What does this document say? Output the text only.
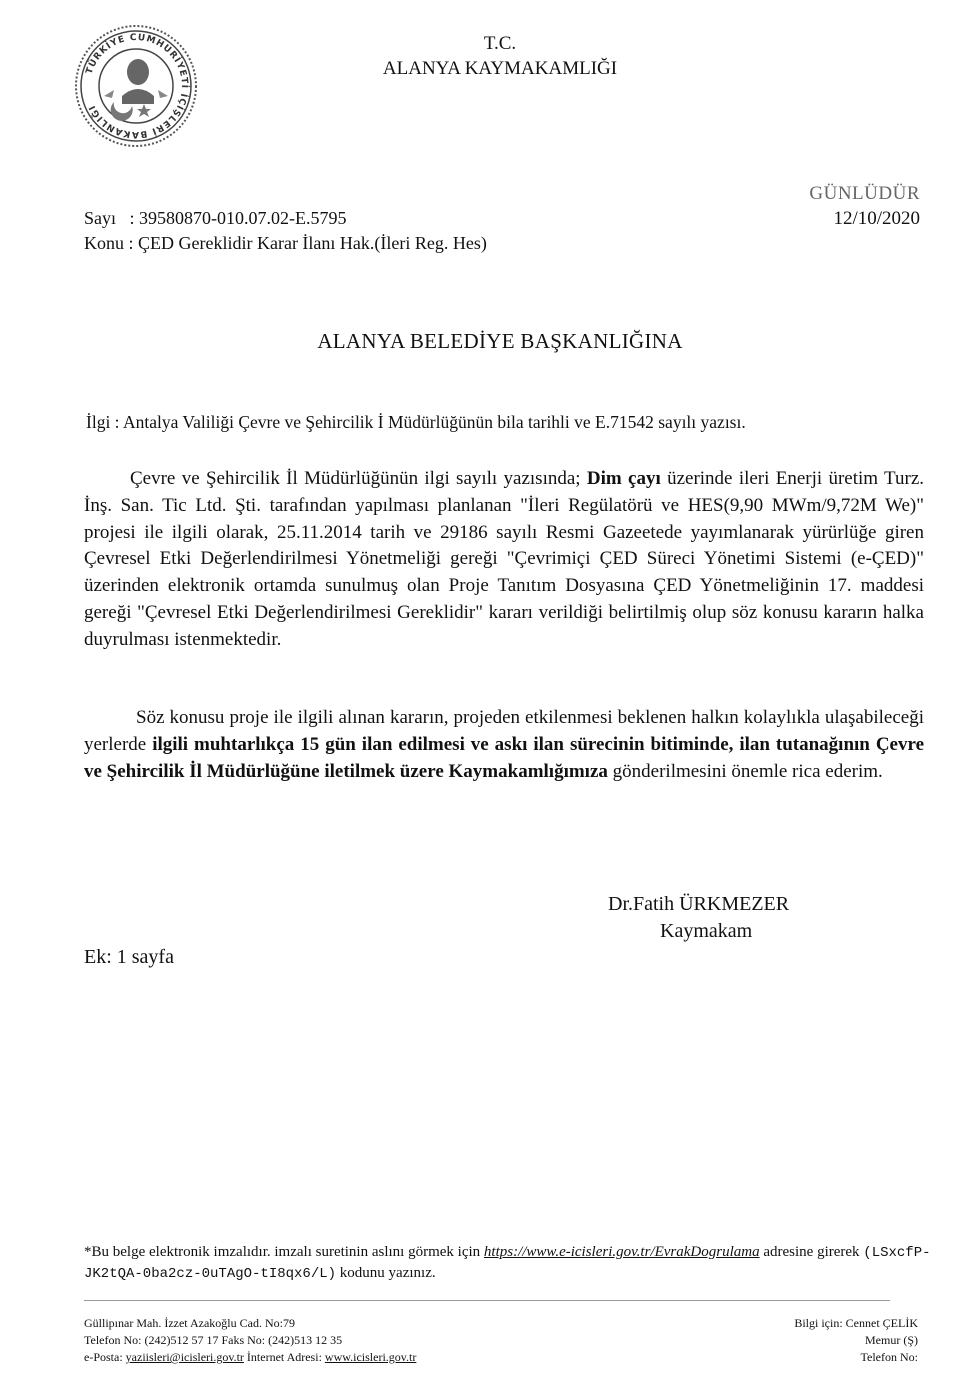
TÜRKİYE CUMHURİYETİ İÇİŞLERİ BAKANLIĞI
T.C.
ALANYA KAYMAKAMLIĞI
GÜNLÜDÜR
12/10/2020
Sayı   : 39580870-010.07.02-E.5795
Konu : ÇED Gereklidir Karar İlanı Hak.(İleri Reg. Hes)
ALANYA BELEDİYE BAŞKANLIĞINA
İlgi : Antalya Valiliği Çevre ve Şehircilik İ Müdürlüğünün bila tarihli ve E.71542 sayılı yazısı.
Çevre ve Şehircilik İl Müdürlüğünün ilgi sayılı yazısında; Dim çayı üzerinde ileri Enerji üretim Turz. İnş. San. Tic Ltd. Şti. tarafından yapılması planlanan "İleri Regülatörü ve HES(9,90 MWm/9,72M We)" projesi ile ilgili olarak, 25.11.2014 tarih ve 29186 sayılı Resmi Gazeetede yayımlanarak yürürlüğe giren Çevresel Etki Değerlendirilmesi Yönetmeliği gereği "Çevrimiçi ÇED Süreci Yönetimi Sistemi (e-ÇED)" üzerinden elektronik ortamda sunulmuş olan Proje Tanıtım Dosyasına ÇED Yönetmeliğinin 17. maddesi gereği "Çevresel Etki Değerlendirilmesi Gereklidir" kararı verildiği belirtilmiş olup söz konusu kararın halka duyrulması istenmektedir.
Söz konusu proje ile ilgili alınan kararın, projeden etkilenmesi beklenen halkın kolaylıkla ulaşabileceği yerlerde ilgili muhtarlıkça 15 gün ilan edilmesi ve askı ilan sürecinin bitiminde, ilan tutanağının Çevre ve Şehircilik İl Müdürlüğüne iletilmek üzere Kaymakamlığımıza gönderilmesini önemle rica ederim.
Dr.Fatih ÜRKMEZER
Kaymakam
Ek: 1 sayfa
*Bu belge elektronik imzalıdır. imzalı suretinin aslını görmek için https://www.e-icisleri.gov.tr/EvrakDogrulama adresine girerek (LSxcfP-JK2tQA-0ba2cz-0uTAgO-tI8qx6/L) kodunu yazınız.
Güllipınar Mah. İzzet Azakoğlu Cad. No:79
Telefon No: (242)512 57 17 Faks No: (242)513 12 35
e-Posta: yaziisleri@icisleri.gov.tr İnternet Adresi: www.icisleri.gov.tr
Bilgi için: Cennet ÇELİK
Memur (Ş)
Telefon No:
